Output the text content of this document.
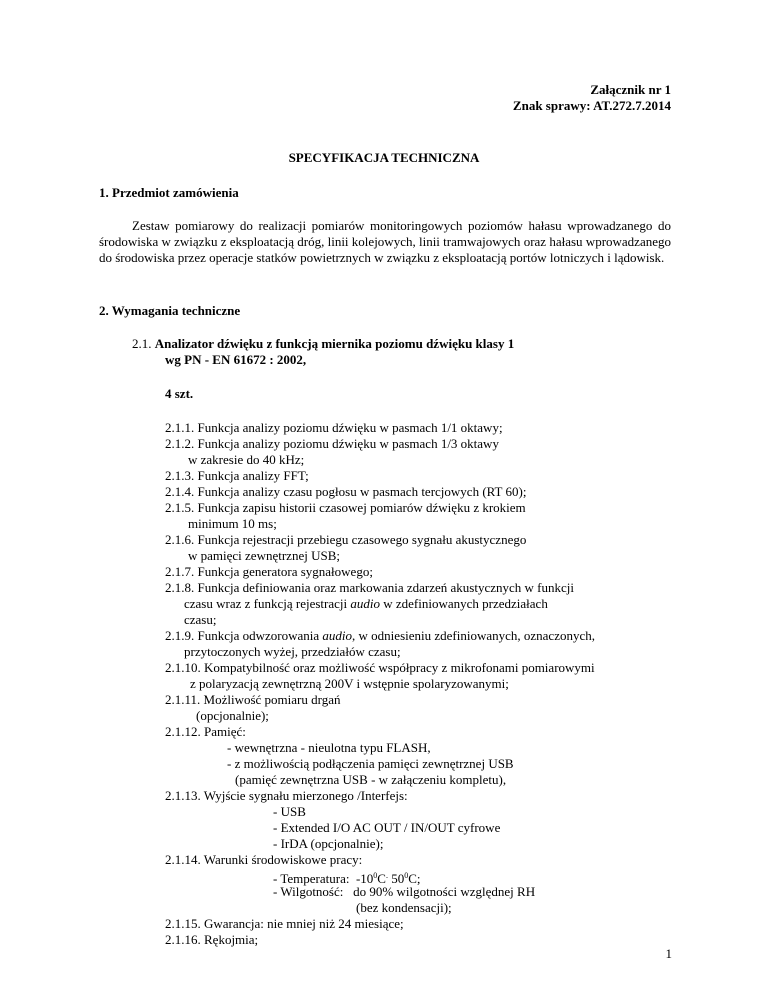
Załącznik nr 1
Znak sprawy: AT.272.7.2014
SPECYFIKACJA TECHNICZNA
1. Przedmiot zamówienia
Zestaw pomiarowy do realizacji pomiarów monitoringowych poziomów hałasu wprowadzanego do środowiska w związku z eksploatacją dróg, linii kolejowych, linii tramwajowych oraz hałasu wprowadzanego do środowiska przez operacje statków powietrznych w związku z eksploatacją portów lotniczych i lądowisk.
2. Wymagania techniczne
2.1. Analizator dźwięku z funkcją miernika poziomu dźwięku klasy 1
wg PN - EN 61672 : 2002,
4 szt.
2.1.1. Funkcja analizy poziomu dźwięku w pasmach 1/1 oktawy;
2.1.2. Funkcja analizy poziomu dźwięku w pasmach 1/3 oktawy
w zakresie do 40 kHz;
2.1.3. Funkcja analizy FFT;
2.1.4. Funkcja analizy czasu pogłosu w pasmach tercjowych (RT 60);
2.1.5. Funkcja zapisu historii czasowej pomiarów dźwięku z krokiem
minimum 10 ms;
2.1.6. Funkcja rejestracji przebiegu czasowego sygnału akustycznego
w pamięci zewnętrznej USB;
2.1.7. Funkcja generatora sygnałowego;
2.1.8. Funkcja definiowania oraz markowania zdarzeń akustycznych w funkcji
czasu wraz z funkcją rejestracji audio w zdefiniowanych przedziałach
czasu;
2.1.9. Funkcja odwzorowania audio, w odniesieniu zdefiniowanych, oznaczonych,
przytoczonych wyżej, przedziałów czasu;
2.1.10. Kompatybilność oraz możliwość współpracy z mikrofonami pomiarowymi
z polaryzacją zewnętrzną 200V i wstępnie spolaryzowanymi;
2.1.11. Możliwość pomiaru drgań
(opcjonalnie);
2.1.12. Pamięć:
- wewnętrzna - nieulotna typu FLASH,
- z możliwością podłączenia pamięci zewnętrznej USB
(pamięć zewnętrzna USB - w załączeniu kompletu),
2.1.13. Wyjście sygnału mierzonego /Interfejs:
- USB
- Extended I/O AC OUT / IN/OUT cyfrowe
- IrDA (opcjonalnie);
2.1.14. Warunki środowiskowe pracy:
- Temperatura: $-10^0C^.$ $50^0C$;
- Wilgotność: do 90% wilgotności względnej RH
(bez kondensacji);
2.1.15. Gwarancja: nie mniej niż 24 miesiące;
2.1.16. Rękojmia;
1
